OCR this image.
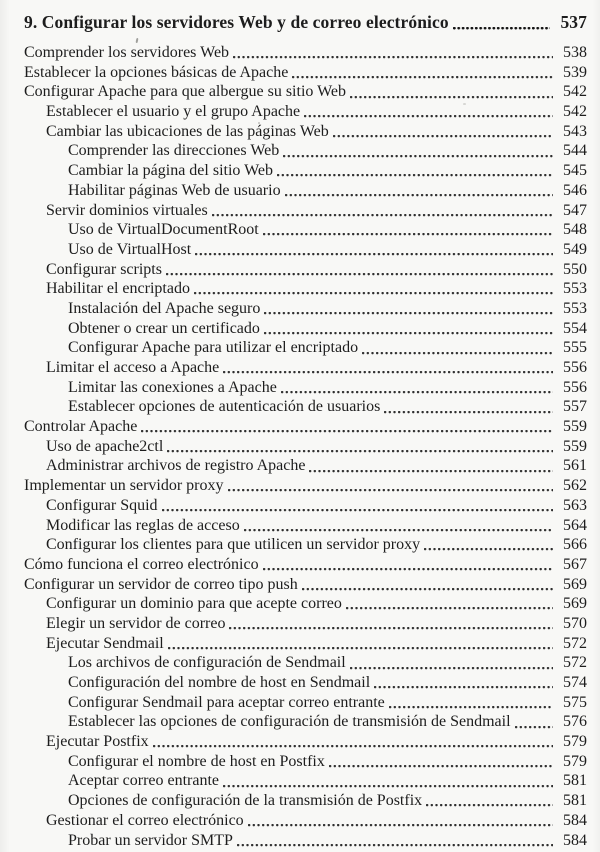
9. Configurar los servidores Web y de correo electrónico	537
Comprender los servidores Web	538
Establecer la opciones básicas de Apache	539
Configurar Apache para que albergue su sitio Web	542
Establecer el usuario y el grupo Apache	542
Cambiar las ubicaciones de las páginas Web	543
Comprender las direcciones Web	544
Cambiar la página del sitio Web	545
Habilitar páginas Web de usuario	546
Servir dominios virtuales	547
Uso de VirtualDocumentRoot	548
Uso de VirtualHost	549
Configurar scripts	550
Habilitar el encriptado	553
Instalación del Apache seguro	553
Obtener o crear un certificado	554
Configurar Apache para utilizar el encriptado	555
Limitar el acceso a Apache	556
Limitar las conexiones a Apache	556
Establecer opciones de autenticación de usuarios	557
Controlar Apache	559
Uso de apache2ctl	559
Administrar archivos de registro Apache	561
Implementar un servidor proxy	562
Configurar Squid	563
Modificar las reglas de acceso	564
Configurar los clientes para que utilicen un servidor proxy	566
Cómo funciona el correo electrónico	567
Configurar un servidor de correo tipo push	569
Configurar un dominio para que acepte correo	569
Elegir un servidor de correo	570
Ejecutar Sendmail	572
Los archivos de configuración de Sendmail	572
Configuración del nombre de host en Sendmail	574
Configurar Sendmail para aceptar correo entrante	575
Establecer las opciones de configuración de transmisión de Sendmail	576
Ejecutar Postfix	579
Configurar el nombre de host en Postfix	579
Aceptar correo entrante	581
Opciones de configuración de la transmisión de Postfix	581
Gestionar el correo electrónico	584
Probar un servidor SMTP	584
